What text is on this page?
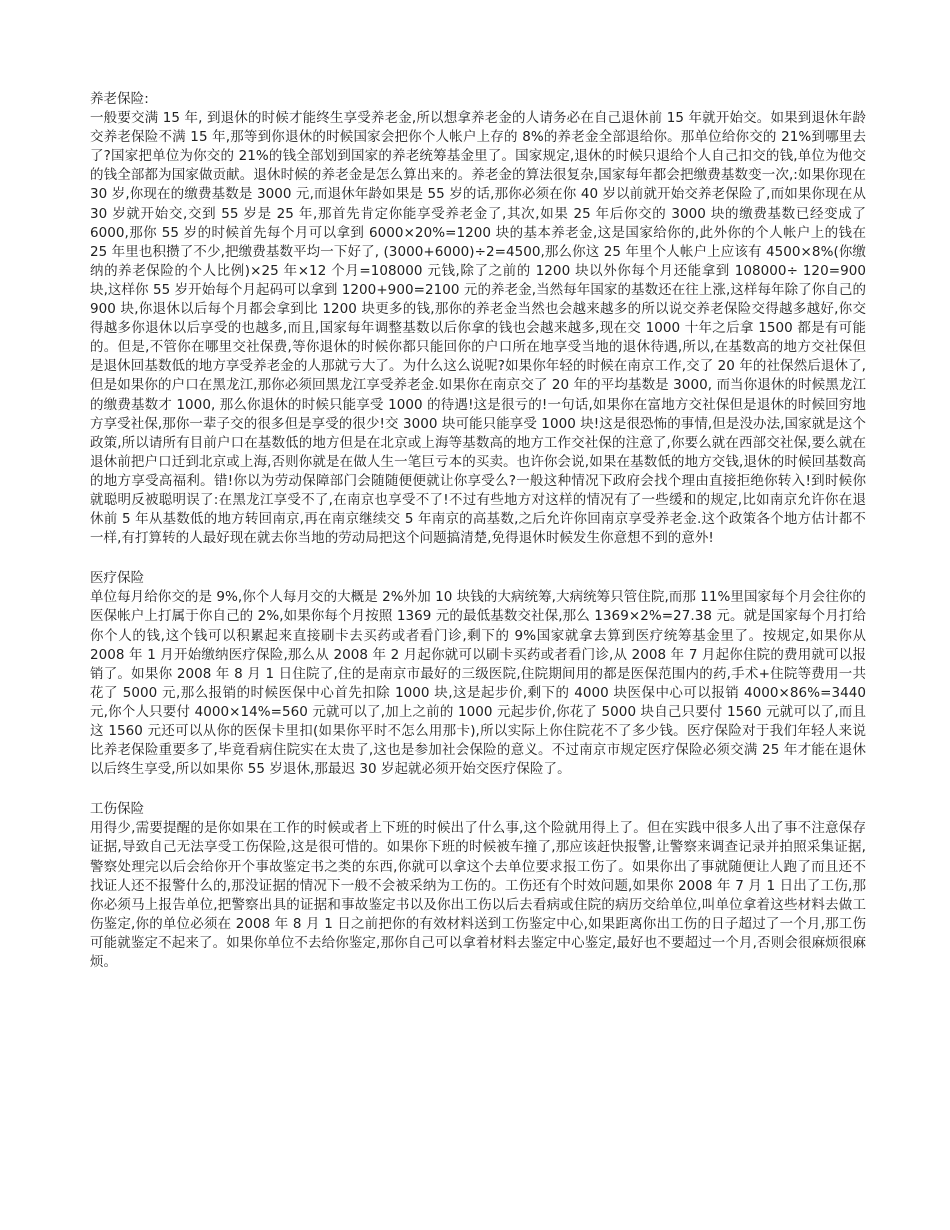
养老保险:

一般要交满 15 年, 到退休的时候才能终生享受养老金,所以想拿养老金的人请务必在自己退休前 15 年就开始交。如果到退休年龄交养老保险不满 15 年,那等到你退休的时候国家会把你个人帐户上存的 8%的养老金全部退给你。那单位给你交的 21%到哪里去了?国家把单位为你交的 21%的钱全部划到国家的养老统筹基金里了。国家规定,退休的时候只退给个人自己扣交的钱,单位为他交的钱全部都为国家做贡献。退休时候的养老金是怎么算出来的。养老金的算法很复杂,国家每年都会把缴费基数变一次,:如果你现在 30 岁,你现在的缴费基数是 3000 元,而退休年龄如果是 55 岁的话,那你必须在你 40 岁以前就开始交养老保险了,而如果你现在从 30 岁就开始交,交到 55 岁是 25 年,那首先肯定你能享受养老金了,其次,如果 25 年后你交的 3000 块的缴费基数已经变成了 6000,那你 55 岁的时候首先每个月可以拿到 6000×20%=1200 块的基本养老金,这是国家给你的,此外你的个人帐户上的钱在 25 年里也积攒了不少,把缴费基数平均一下好了, (3000+6000)÷2=4500,那么你这 25 年里个人帐户上应该有 4500×8%(你缴纳的养老保险的个人比例)×25 年×12 个月=108000 元钱,除了之前的 1200 块以外你每个月还能拿到 108000÷ 120=900 块,这样你 55 岁开始每个月起码可以拿到 1200+900=2100 元的养老金,当然每年国家的基数还在往上涨,这样每年除了你自己的 900 块,你退休以后每个月都会拿到比 1200 块更多的钱,那你的养老金当然也会越来越多的所以说交养老保险交得越多越好,你交得越多你退休以后享受的也越多,而且,国家每年调整基数以后你拿的钱也会越来越多,现在交 1000 十年之后拿 1500 都是有可能的。但是,不管你在哪里交社保费,等你退休的时候你都只能回你的户口所在地享受当地的退休待遇,所以,在基数高的地方交社保但是退休回基数低的地方享受养老金的人那就亏大了。为什么这么说呢?如果你年轻的时候在南京工作,交了 20 年的社保然后退休了,但是如果你的户口在黑龙江,那你必须回黑龙江享受养老金.如果你在南京交了 20 年的平均基数是 3000, 而当你退休的时候黑龙江的缴费基数才 1000, 那么你退休的时候只能享受 1000 的待遇!这是很亏的!一句话,如果你在富地方交社保但是退休的时候回穷地方享受社保,那你一辈子交的很多但是享受的很少!交 3000 块可能只能享受 1000 块!这是很恐怖的事情,但是没办法,国家就是这个政策,所以请所有目前户口在基数低的地方但是在北京或上海等基数高的地方工作交社保的注意了,你要么就在西部交社保,要么就在退休前把户口迁到北京或上海,否则你就是在做人生一笔巨亏本的买卖。也许你会说,如果在基数低的地方交钱,退休的时候回基数高的地方享受高福利。错!你以为劳动保障部门会随随便便就让你享受么?一般这种情况下政府会找个理由直接拒绝你转入!到时候你就聪明反被聪明误了:在黑龙江享受不了,在南京也享受不了!不过有些地方对这样的情况有了一些缓和的规定,比如南京允许你在退休前 5 年从基数低的地方转回南京,再在南京继续交 5 年南京的高基数,之后允许你回南京享受养老金.这个政策各个地方估计都不一样,有打算转的人最好现在就去你当地的劳动局把这个问题搞清楚,免得退休时候发生你意想不到的意外!

医疗保险

单位每月给你交的是 9%,你个人每月交的大概是 2%外加 10 块钱的大病统筹,大病统筹只管住院,而那 11%里国家每个月会往你的医保帐户上打属于你自己的 2%,如果你每个月按照 1369 元的最低基数交社保,那么 1369×2%=27.38 元。就是国家每个月打给你个人的钱,这个钱可以积累起来直接刷卡去买药或者看门诊,剩下的 9%国家就拿去算到医疗统筹基金里了。按规定,如果你从 2008 年 1 月开始缴纳医疗保险,那么从 2008 年 2 月起你就可以刷卡买药或者看门诊,从 2008 年 7 月起你住院的费用就可以报销了。如果你 2008 年 8 月 1 日住院了,住的是南京市最好的三级医院,住院期间用的都是医保范围内的药,手术+住院等费用一共花了 5000 元,那么报销的时候医保中心首先扣除 1000 块,这是起步价,剩下的 4000 块医保中心可以报销 4000×86%=3440 元,你个人只要付 4000×14%=560 元就可以了,加上之前的 1000 元起步价,你花了 5000 块自己只要付 1560 元就可以了,而且这 1560 元还可以从你的医保卡里扣(如果你平时不怎么用那卡),所以实际上你住院花不了多少钱。医疗保险对于我们年轻人来说比养老保险重要多了,毕竟看病住院实在太贵了,这也是参加社会保险的意义。不过南京市规定医疗保险必须交满 25 年才能在退休以后终生享受,所以如果你 55 岁退休,那最迟 30 岁起就必须开始交医疗保险了。

工伤保险

用得少,需要提醒的是你如果在工作的时候或者上下班的时候出了什么事,这个险就用得上了。但在实践中很多人出了事不注意保存证据,导致自己无法享受工伤保险,这是很可惜的。如果你下班的时候被车撞了,那应该赶快报警,让警察来调查记录并拍照采集证据,警察处理完以后会给你开个事故鉴定书之类的东西,你就可以拿这个去单位要求报工伤了。如果你出了事就随便让人跑了而且还不找证人还不报警什么的,那没证据的情况下一般不会被采纳为工伤的。工伤还有个时效问题,如果你 2008 年 7 月 1 日出了工伤,那你必须马上报告单位,把警察出具的证据和事故鉴定书以及你出工伤以后去看病或住院的病历交给单位,叫单位拿着这些材料去做工伤鉴定,你的单位必须在 2008 年 8 月 1 日之前把你的有效材料送到工伤鉴定中心,如果距离你出工伤的日子超过了一个月,那工伤可能就鉴定不起来了。如果你单位不去给你鉴定,那你自己可以拿着材料去鉴定中心鉴定,最好也不要超过一个月,否则会很麻烦很麻烦。
